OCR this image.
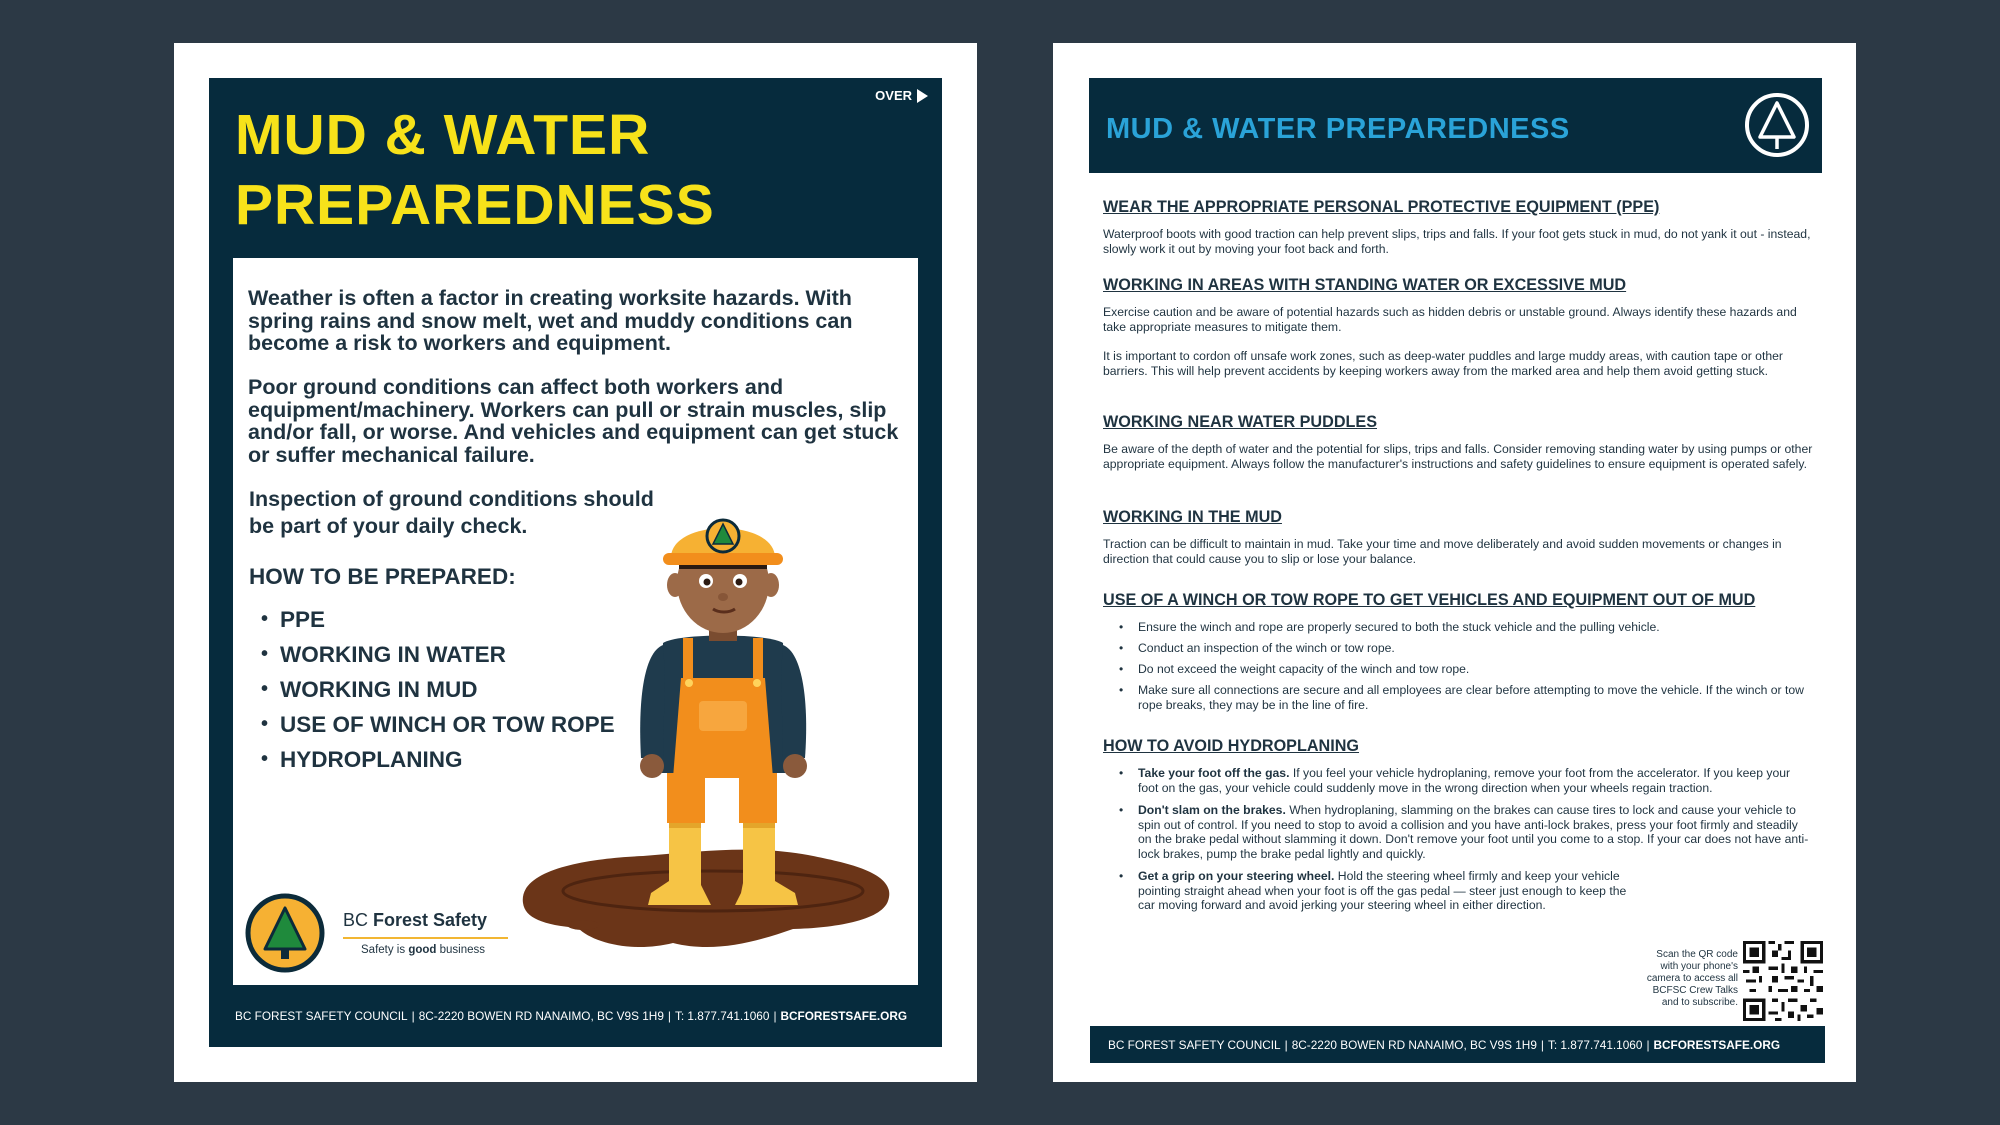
OVER
MUD & WATER
PREPAREDNESS

Weather is often a factor in creating worksite hazards. With spring rains and snow melt, wet and muddy conditions can become a risk to workers and equipment.

Poor ground conditions can affect both workers and equipment/machinery. Workers can pull or strain muscles, slip and/or fall, or worse. And vehicles and equipment can get stuck or suffer mechanical failure.

Inspection of ground conditions should be part of your daily check.

HOW TO BE PREPARED:
• PPE
• WORKING IN WATER
• WORKING IN MUD
• USE OF WINCH OR TOW ROPE
• HYDROPLANING
BC Forest Safety
Safety is good business
BC FOREST SAFETY COUNCIL | 8C-2220 BOWEN RD NANAIMO, BC V9S 1H9 | T: 1.877.741.1060 | BCFORESTSAFE.ORG
MUD & WATER PREPAREDNESS
WEAR THE APPROPRIATE PERSONAL PROTECTIVE EQUIPMENT (PPE)

Waterproof boots with good traction can help prevent slips, trips and falls. If your foot gets stuck in mud, do not yank it out - instead, slowly work it out by moving your foot back and forth.

WORKING IN AREAS WITH STANDING WATER OR EXCESSIVE MUD

Exercise caution and be aware of potential hazards such as hidden debris or unstable ground. Always identify these hazards and take appropriate measures to mitigate them.

It is important to cordon off unsafe work zones, such as deep-water puddles and large muddy areas, with caution tape or other barriers. This will help prevent accidents by keeping workers away from the marked area and help them avoid getting stuck.

WORKING NEAR WATER PUDDLES

Be aware of the depth of water and the potential for slips, trips and falls. Consider removing standing water by using pumps or other appropriate equipment. Always follow the manufacturer's instructions and safety guidelines to ensure equipment is operated safely.

WORKING IN THE MUD

Traction can be difficult to maintain in mud. Take your time and move deliberately and avoid sudden movements or changes in direction that could cause you to slip or lose your balance.

USE OF A WINCH OR TOW ROPE TO GET VEHICLES AND EQUIPMENT OUT OF MUD
• Ensure the winch and rope are properly secured to both the stuck vehicle and the pulling vehicle.
• Conduct an inspection of the winch or tow rope.
• Do not exceed the weight capacity of the winch and tow rope.
• Make sure all connections are secure and all employees are clear before attempting to move the vehicle. If the winch or tow rope breaks, they may be in the line of fire.
HOW TO AVOID HYDROPLANING
• Take your foot off the gas. If you feel your vehicle hydroplaning, remove your foot from the accelerator. If you keep your foot on the gas, your vehicle could suddenly move in the wrong direction when your wheels regain traction.
• Don't slam on the brakes. When hydroplaning, slamming on the brakes can cause tires to lock and cause your vehicle to spin out of control. If you need to stop to avoid a collision and you have anti-lock brakes, press your foot firmly and steadily on the brake pedal without slamming it down. Don't remove your foot until you come to a stop. If your car does not have anti-lock brakes, pump the brake pedal lightly and quickly.
• Get a grip on your steering wheel. Hold the steering wheel firmly and keep your vehicle pointing straight ahead when your foot is off the gas pedal — steer just enough to keep the car moving forward and avoid jerking your steering wheel in either direction.

Scan the QR code with your phone's camera to access all BCFSC Crew Talks and to subscribe.

BC FOREST SAFETY COUNCIL | 8C-2220 BOWEN RD NANAIMO, BC V9S 1H9 | T: 1.877.741.1060 | BCFORESTSAFE.ORG
